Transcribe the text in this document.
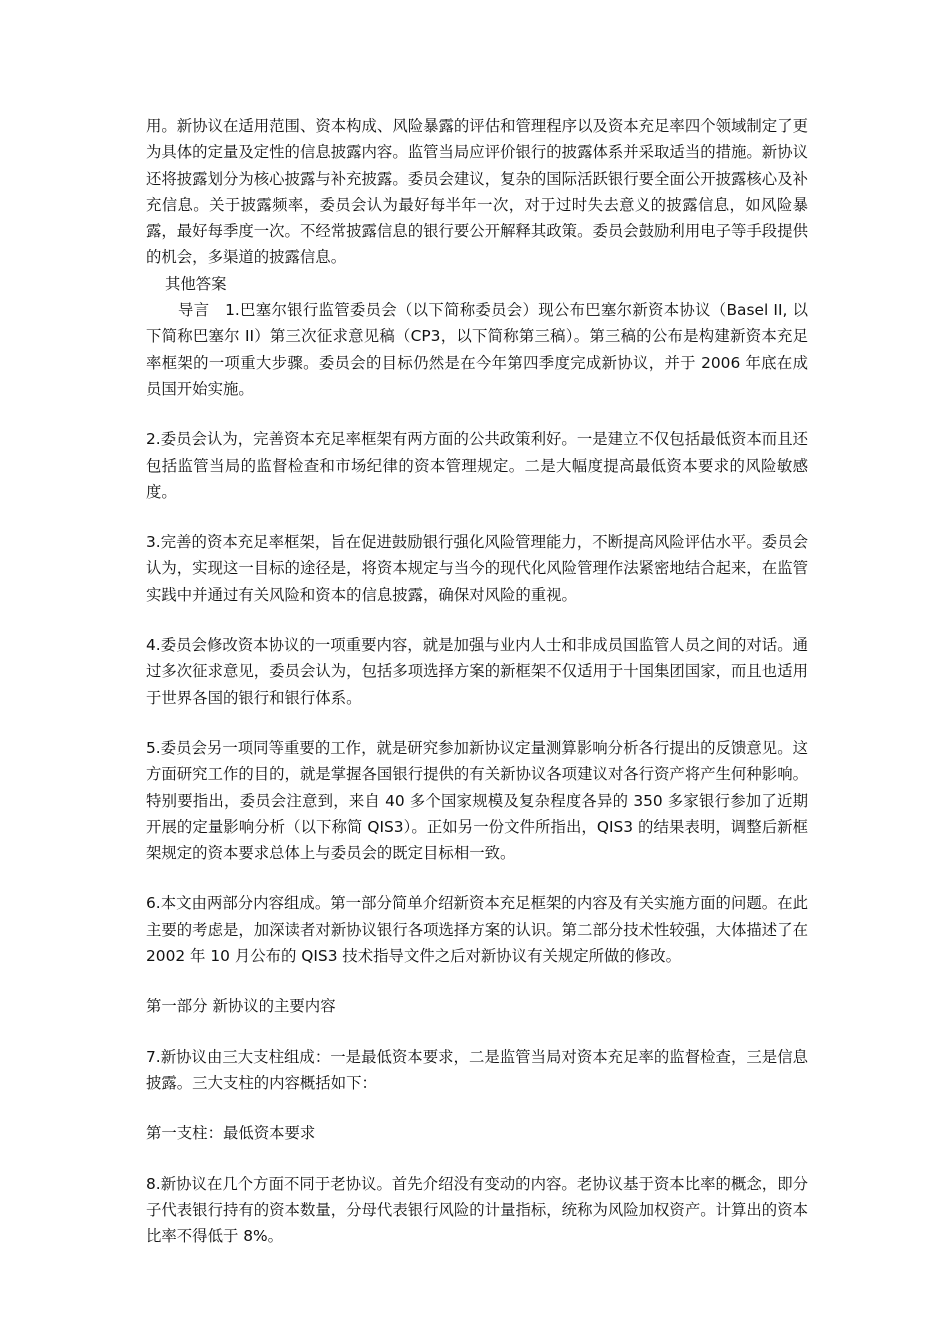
用。新协议在适用范围、资本构成、风险暴露的评估和管理程序以及资本充足率四个领域制定了更为具体的定量及定性的信息披露内容。监管当局应评价银行的披露体系并采取适当的措施。新协议还将披露划分为核心披露与补充披露。委员会建议，复杂的国际活跃银行要全面公开披露核心及补充信息。关于披露频率，委员会认为最好每半年一次，对于过时失去意义的披露信息，如风险暴露，最好每季度一次。不经常披露信息的银行要公开解释其政策。委员会鼓励利用电子等手段提供的机会，多渠道的披露信息。

其他答案

导言　1.巴塞尔银行监管委员会（以下简称委员会）现公布巴塞尔新资本协议（Basel II, 以下简称巴塞尔 II）第三次征求意见稿（CP3，以下简称第三稿）。第三稿的公布是构建新资本充足率框架的一项重大步骤。委员会的目标仍然是在今年第四季度完成新协议，并于 2006 年底在成员国开始实施。

2.委员会认为，完善资本充足率框架有两方面的公共政策利好。一是建立不仅包括最低资本而且还包括监管当局的监督检查和市场纪律的资本管理规定。二是大幅度提高最低资本要求的风险敏感度。

3.完善的资本充足率框架，旨在促进鼓励银行强化风险管理能力，不断提高风险评估水平。委员会认为，实现这一目标的途径是，将资本规定与当今的现代化风险管理作法紧密地结合起来，在监管实践中并通过有关风险和资本的信息披露，确保对风险的重视。

4.委员会修改资本协议的一项重要内容，就是加强与业内人士和非成员国监管人员之间的对话。通过多次征求意见，委员会认为，包括多项选择方案的新框架不仅适用于十国集团国家，而且也适用于世界各国的银行和银行体系。

5.委员会另一项同等重要的工作，就是研究参加新协议定量测算影响分析各行提出的反馈意见。这方面研究工作的目的，就是掌握各国银行提供的有关新协议各项建议对各行资产将产生何种影响。特别要指出，委员会注意到，来自 40 多个国家规模及复杂程度各异的 350 多家银行参加了近期开展的定量影响分析（以下称简 QIS3）。正如另一份文件所指出，QIS3 的结果表明，调整后新框架规定的资本要求总体上与委员会的既定目标相一致。

6.本文由两部分内容组成。第一部分简单介绍新资本充足框架的内容及有关实施方面的问题。在此主要的考虑是，加深读者对新协议银行各项选择方案的认识。第二部分技术性较强，大体描述了在 2002 年 10 月公布的 QIS3 技术指导文件之后对新协议有关规定所做的修改。

第一部分 新协议的主要内容

7.新协议由三大支柱组成：一是最低资本要求，二是监管当局对资本充足率的监督检查，三是信息披露。三大支柱的内容概括如下：

第一支柱：最低资本要求

8.新协议在几个方面不同于老协议。首先介绍没有变动的内容。老协议基于资本比率的概念，即分子代表银行持有的资本数量，分母代表银行风险的计量指标，统称为风险加权资产。计算出的资本比率不得低于 8%。
